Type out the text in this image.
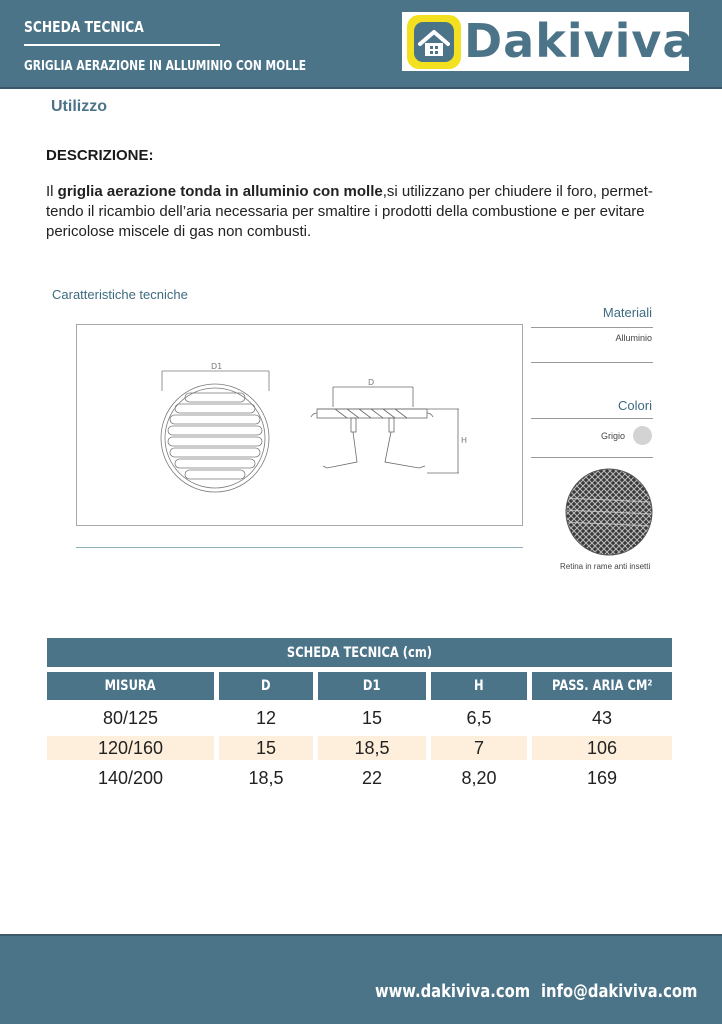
SCHEDA TECNICA
GRIGLIA AERAZIONE IN ALLUMINIO CON MOLLE	Dakiviva
Utilizzo
DESCRIZIONE:
Il griglia aerazione tonda in alluminio con molle,si utilizzano per chiudere il foro, permet-
tendo il ricambio dell’aria necessaria per smaltire i prodotti della combustione e per evitare
pericolose miscele di gas non combusti.
Caratteristiche tecniche
D1
D
H
Materiali
Alluminio
Colori
Grigio
Retina in rame anti insetti
SCHEDA TECNICA (cm)
MISURA	D	D1	H	PASS. ARIA CM²
80/125	12	15	6,5	43
120/160	15	18,5	7	106
140/200	18,5	22	8,20	169
www.dakiviva.com info@dakiviva.com
